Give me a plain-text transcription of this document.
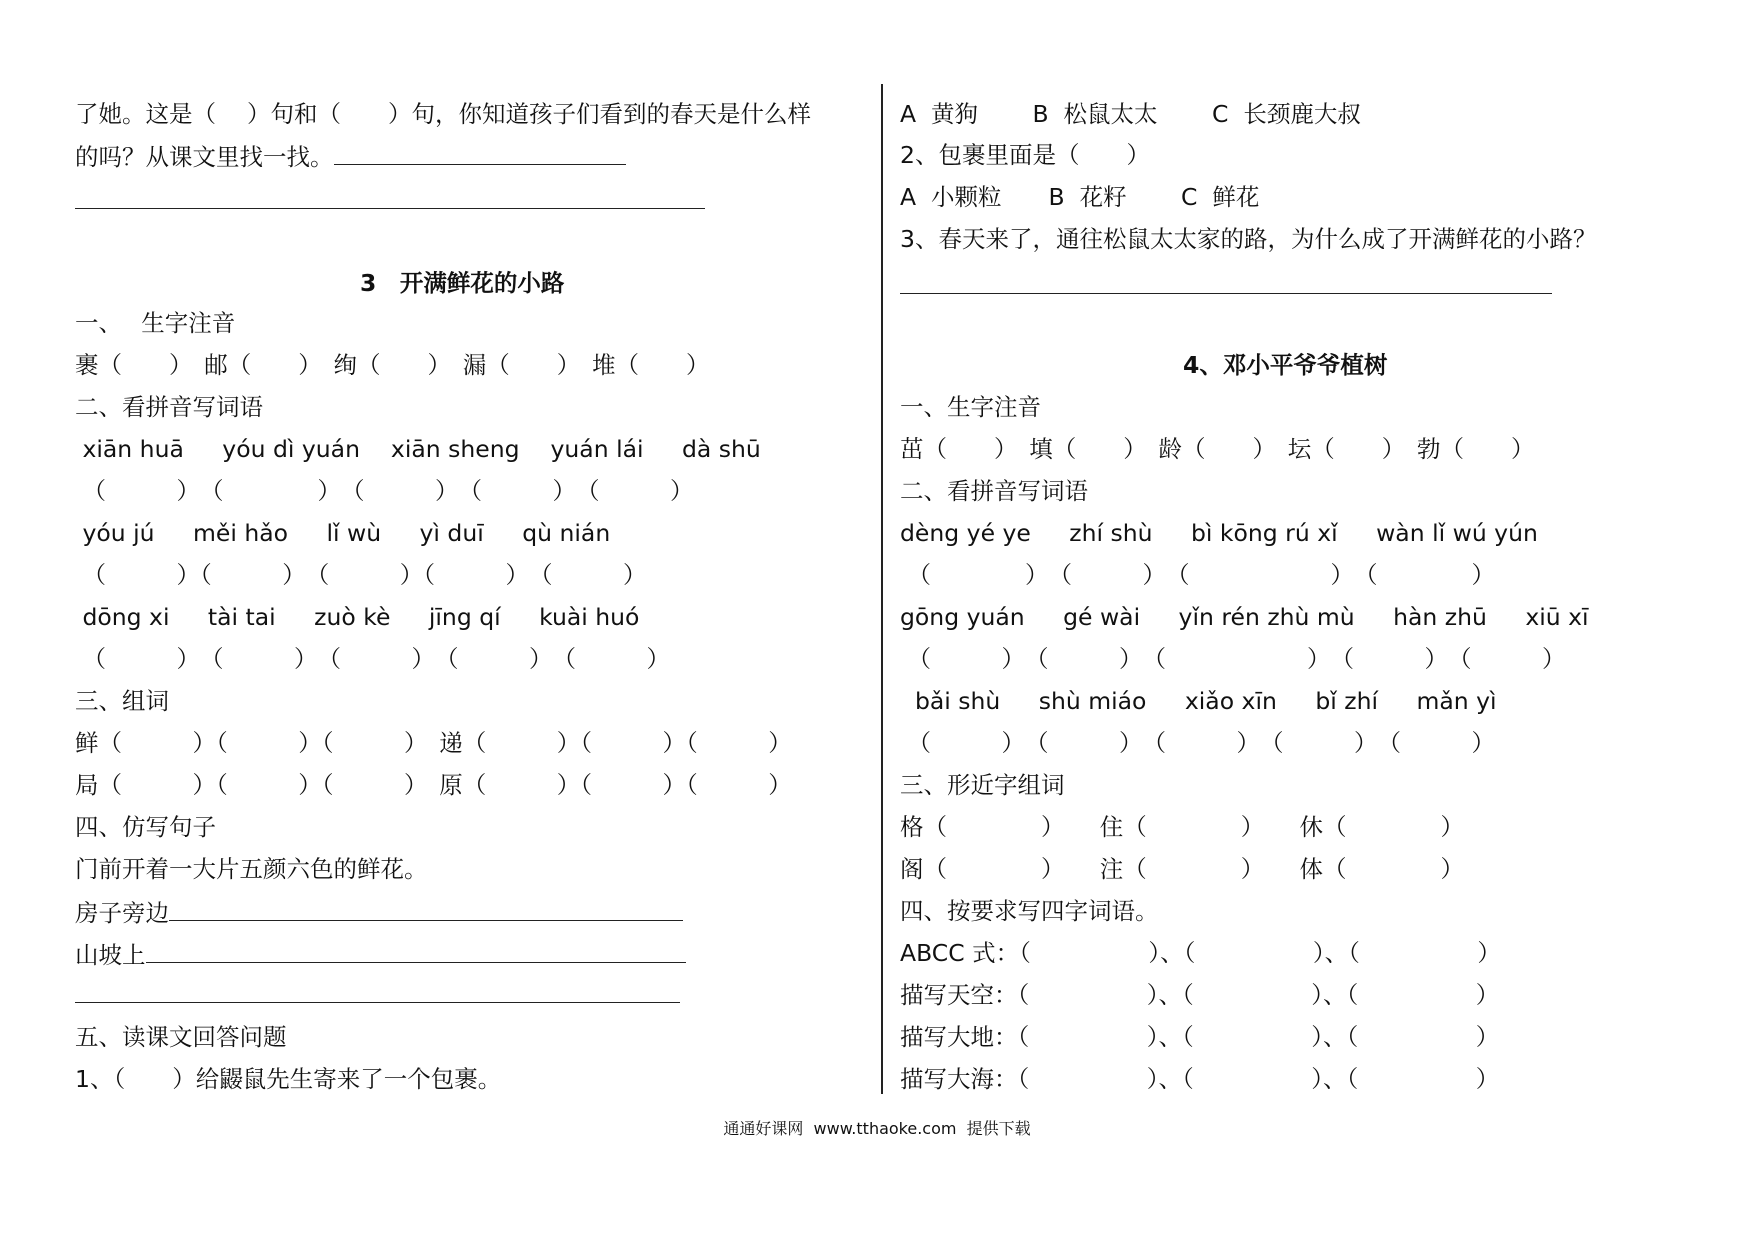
了她。这是（　 ）句和（　　）句，你知道孩子们看到的春天是什么样
的吗？从课文里找一找。
3　开满鲜花的小路
一、　 生字注音
裹（　　）　邮（　　）　绚（　　）　漏（　　）　堆（　　）
二、看拼音写词语
xiān huā　  yóu dì yuán　 xiān sheng　 yuán lái　  dà shū
（　　　）　（　　　　）　（　　　）　（　　　）　（　　　）
yóu jú　  měi hǎo　  lǐ wù　  yì duī　  qù nián
（　　　）（　　　）　（　　　）（　　　）　（　　　）
dōng xi　  tài tai　  zuò kè　  jīng qí　  kuài huó
（　　　）　（　　　）　（　　　）　（　　　）　（　　　）
三、组词
鲜（　　　）（　　　）（　　　）　递（　　　）（　　　）（　　　）
局（　　　）（　　　）（　　　）　原（　　　）（　　　）（　　　）
四、仿写句子
门前开着一大片五颜六色的鲜花。
房子旁边
山坡上
五、读课文回答问题
1、（　　）给鼹鼠先生寄来了一个包裹。
A  黄狗　　 B  松鼠太太　　 C  长颈鹿大叔
2、包裹里面是（　　）
A  小颗粒　　B  花籽　　 C  鲜花
3、春天来了，通往松鼠太太家的路，为什么成了开满鲜花的小路？
4、邓小平爷爷植树
一、生字注音
茁（　　）　填（　　）　龄（　　）　坛（　　）　勃（　　）
二、看拼音写词语
dèng yé ye　  zhí shù　  bì kōng rú xǐ　  wàn lǐ wú yún
（　　　　）　（　　　）　（　　　　　　）　（　　　　）
gōng yuán　  gé wài　  yǐn rén zhù mù　  hàn zhū　  xiū xī
（　　　）　（　　　）　（　　　　　　）　（　　　）　（　　　）
bǎi shù　  shù miáo　  xiǎo xīn　  bǐ zhí　  mǎn yì
（　　　）　（　　　）　（　　　）　（　　　）　（　　　）
三、形近字组词
格（　　　　）　　住（　　　　）　　休（　　　　）
阁（　　　　）　　注（　　　　）　　体（　　　　）
四、按要求写四字词语。
ABCC 式：（　　　　　）、（　　　　　）、（　　　　　）
描写天空：（　　　　　）、（　　　　　）、（　　　　　）
描写大地：（　　　　　）、（　　　　　）、（　　　　　）
描写大海：（　　　　　）、（　　　　　）、（　　　　　）
通通好课网  www.tthaoke.com  提供下载
